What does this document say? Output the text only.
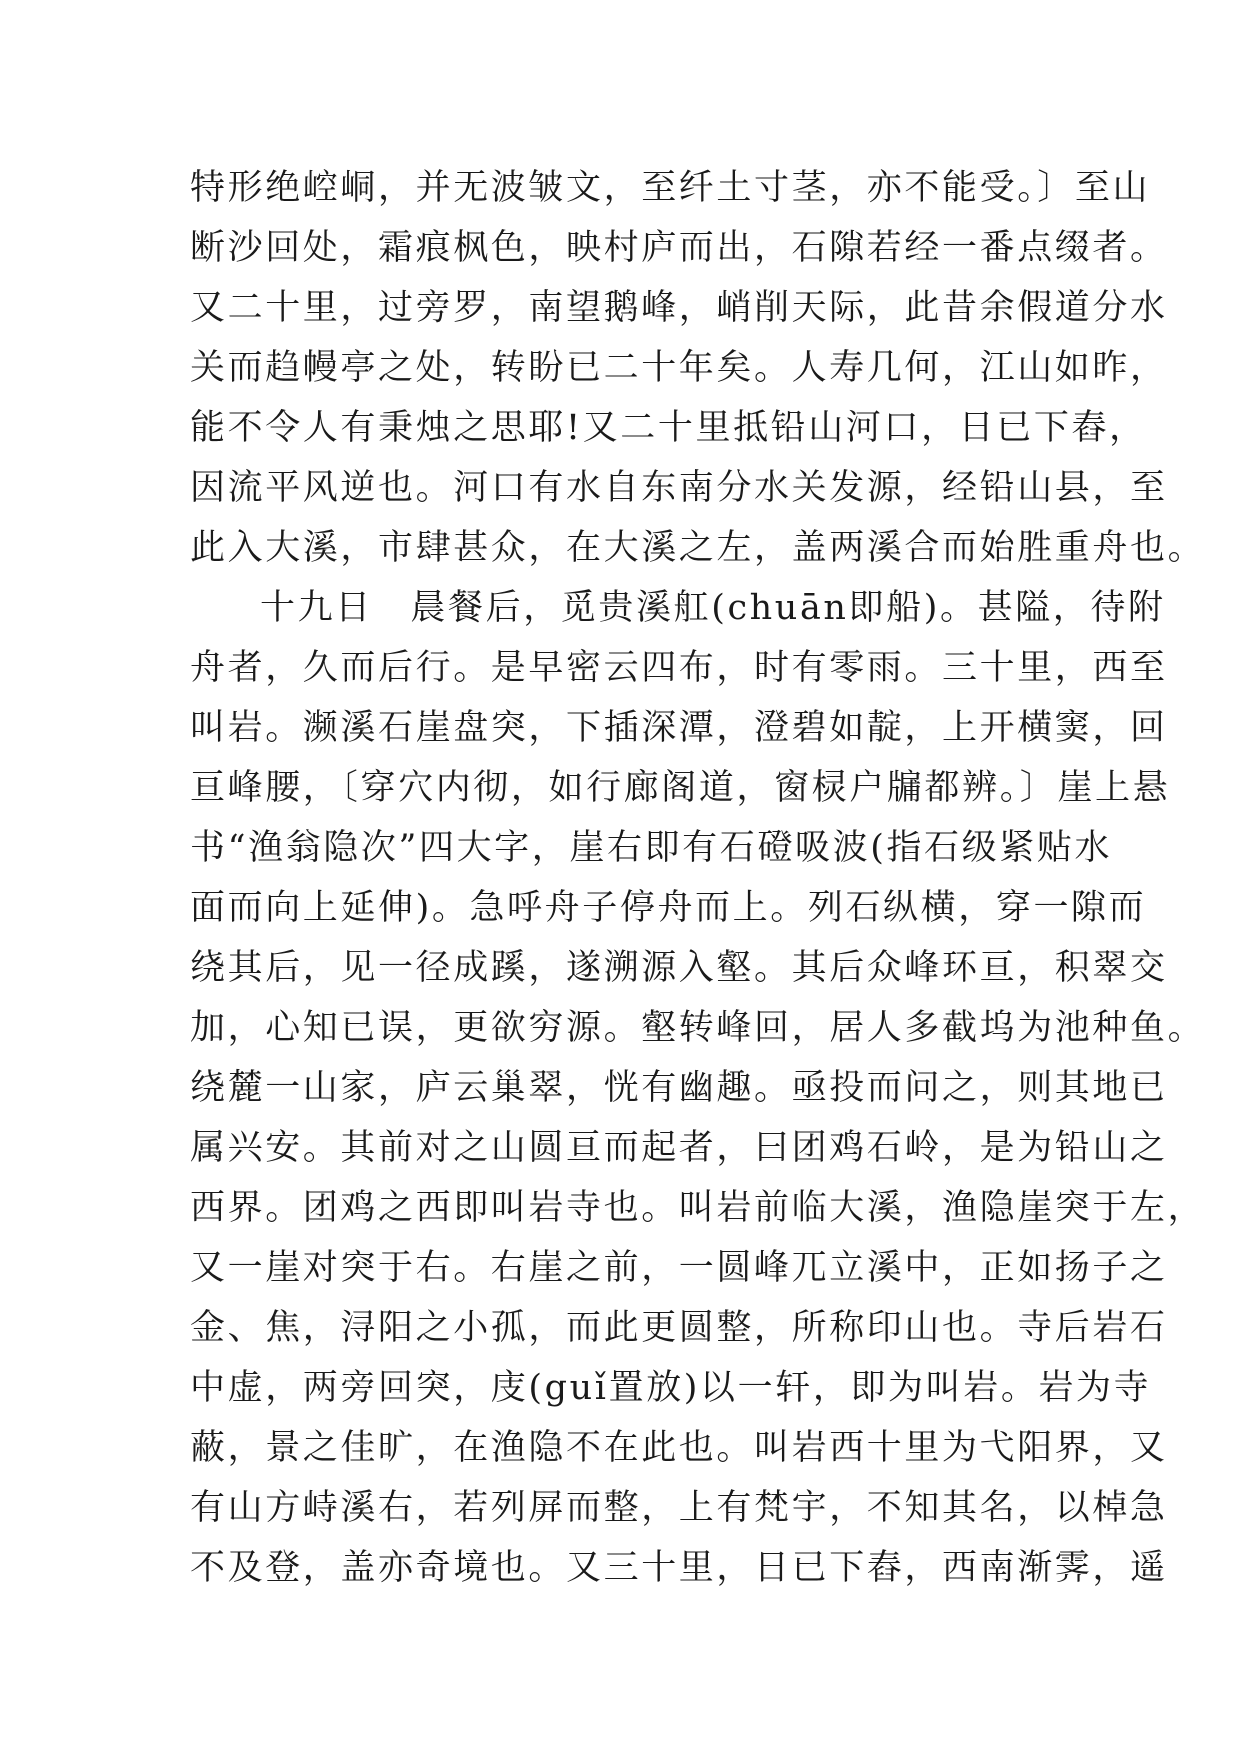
特形绝崆峒，并无波皱文，至纤土寸茎，亦不能受。〕至山
断沙回处，霜痕枫色，映村庐而出，石隙若经一番点缀者。
又二十里，过旁罗，南望鹅峰，峭削天际，此昔余假道分水
关而趋幔亭之处，转盼已二十年矣。人寿几何，江山如昨，
能不令人有秉烛之思耶!又二十里抵铅山河口，日已下舂，
因流平风逆也。河口有水自东南分水关发源，经铅山县，至
此入大溪，市肆甚众，在大溪之左，盖两溪合而始胜重舟也。
十九日　晨餐后，觅贵溪舡(chuān即船)。甚隘，待附
舟者，久而后行。是早密云四布，时有零雨。三十里，西至
叫岩。濒溪石崖盘突，下插深潭，澄碧如靛，上开横窦，回
亘峰腰，〔穿穴内彻，如行廊阁道，窗棂户牖都辨。〕崖上悬
书“渔翁隐次”四大字，崖右即有石磴吸波(指石级紧贴水
面而向上延伸)。急呼舟子停舟而上。列石纵横，穿一隙而
绕其后，见一径成蹊，遂溯源入壑。其后众峰环亘，积翠交
加，心知已误，更欲穷源。壑转峰回，居人多截坞为池种鱼。
绕麓一山家，庐云巢翠，恍有幽趣。亟投而问之，则其地已
属兴安。其前对之山圆亘而起者，曰团鸡石岭，是为铅山之
西界。团鸡之西即叫岩寺也。叫岩前临大溪，渔隐崖突于左，
又一崖对突于右。右崖之前，一圆峰兀立溪中，正如扬子之
金、焦，浔阳之小孤，而此更圆整，所称印山也。寺后岩石
中虚，两旁回突，庋(guǐ置放)以一轩，即为叫岩。岩为寺
蔽，景之佳旷，在渔隐不在此也。叫岩西十里为弋阳界，又
有山方峙溪右，若列屏而整，上有梵宇，不知其名，以棹急
不及登，盖亦奇境也。又三十里，日已下舂，西南渐霁，遥
